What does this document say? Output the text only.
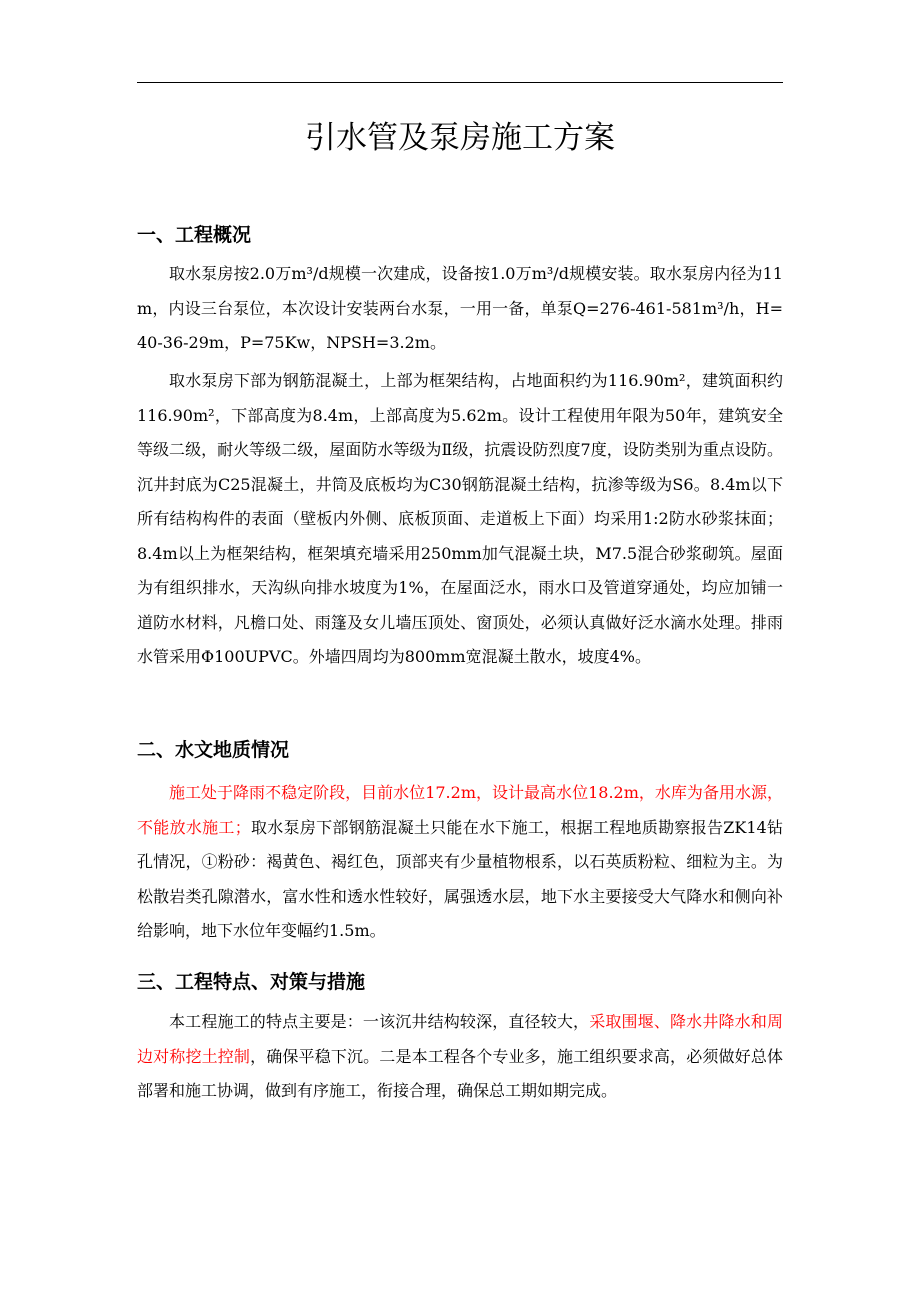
引水管及泵房施工方案
一、工程概况

取水泵房按2.0万m³/d规模一次建成，设备按1.0万m³/d规模安装。取水泵房内径为11m，内设三台泵位，本次设计安装两台水泵，一用一备，单泵Q=276-461-581m³/h，H=40-36-29m，P=75Kw，NPSH=3.2m。

取水泵房下部为钢筋混凝土，上部为框架结构，占地面积约为116.90m²，建筑面积约116.90m²，下部高度为8.4m，上部高度为5.62m。设计工程使用年限为50年，建筑安全等级二级，耐火等级二级，屋面防水等级为Ⅱ级，抗震设防烈度7度，设防类别为重点设防。沉井封底为C25混凝土，井筒及底板均为C30钢筋混凝土结构，抗渗等级为S6。8.4m以下所有结构构件的表面（壁板内外侧、底板顶面、走道板上下面）均采用1:2防水砂浆抹面；8.4m以上为框架结构，框架填充墙采用250mm加气混凝土块，M7.5混合砂浆砌筑。屋面为有组织排水，天沟纵向排水坡度为1%，在屋面泛水，雨水口及管道穿通处，均应加铺一道防水材料，凡檐口处、雨篷及女儿墙压顶处、窗顶处，必须认真做好泛水滴水处理。排雨水管采用Φ100UPVC。外墙四周均为800mm宽混凝土散水，坡度4%。

二、水文地质情况

施工处于降雨不稳定阶段，目前水位17.2m，设计最高水位18.2m，水库为备用水源，不能放水施工；取水泵房下部钢筋混凝土只能在水下施工，根据工程地质勘察报告ZK14钻孔情况，①粉砂：褐黄色、褐红色，顶部夹有少量植物根系，以石英质粉粒、细粒为主。为松散岩类孔隙潜水，富水性和透水性较好，属强透水层，地下水主要接受大气降水和侧向补给影响，地下水位年变幅约1.5m。

三、工程特点、对策与措施

本工程施工的特点主要是：一该沉井结构较深，直径较大，采取围堰、降水井降水和周边对称挖土控制，确保平稳下沉。二是本工程各个专业多，施工组织要求高，必须做好总体部署和施工协调，做到有序施工，衔接合理，确保总工期如期完成。
